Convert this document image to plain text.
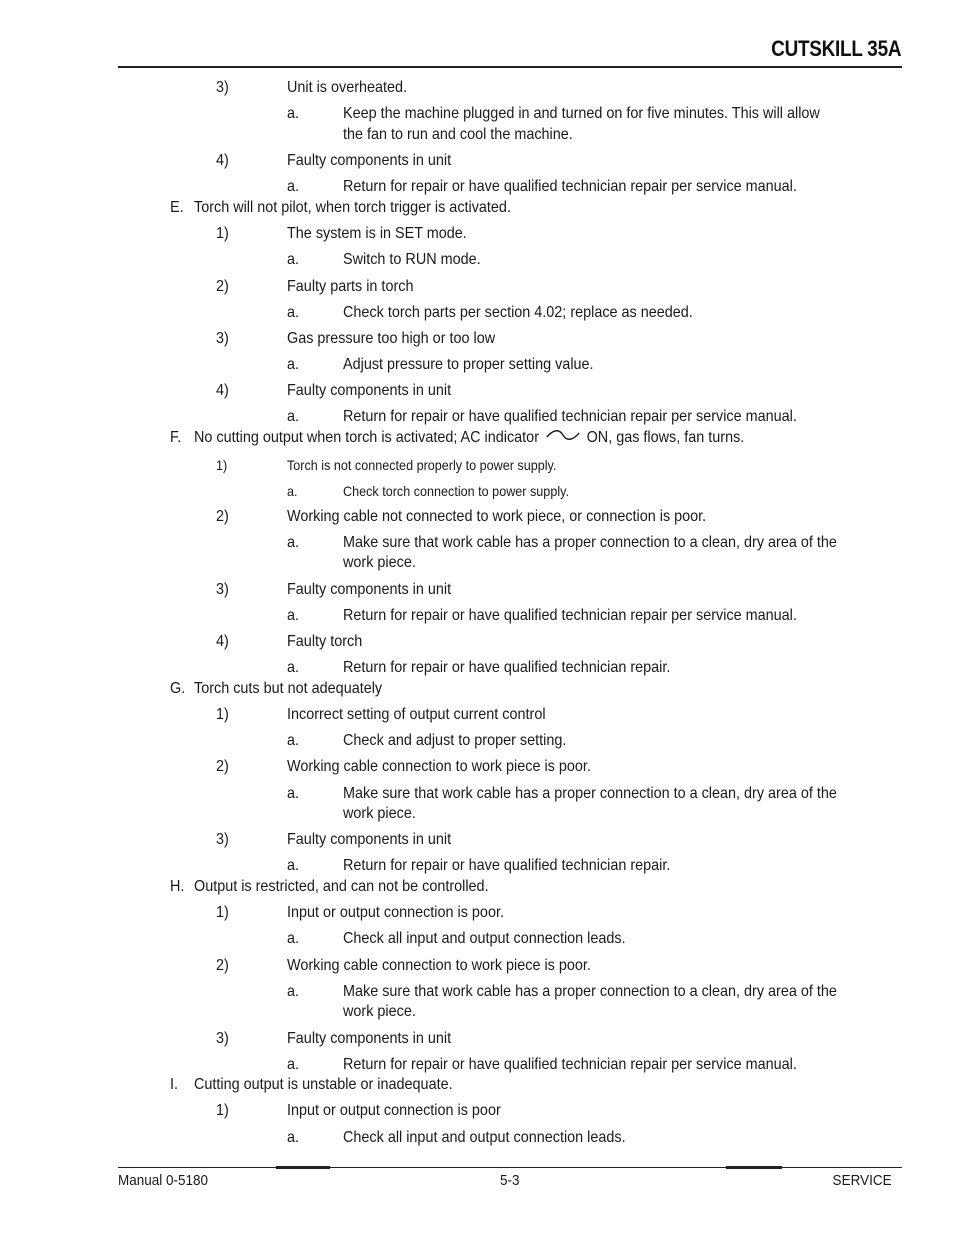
CUTSKILL 35A
3)	Unit is overheated.
a.	Keep the machine plugged in and turned on for five minutes. This will allow
the fan to run and cool the machine.
4)	Faulty components in unit
a.	Return for repair or have qualified technician repair per service manual.
E. Torch will not pilot, when torch trigger is activated.
1)	The system is in SET mode.
a.	Switch to RUN mode.
2)	Faulty parts in torch
a.	Check torch parts per section 4.02; replace as needed.
3)	Gas pressure too high or too low
a.	Adjust pressure to proper setting value.
4)	Faulty components in unit
a.	Return for repair or have qualified technician repair per service manual.
F. No cutting output when torch is activated; AC indicator	ON, gas flows, fan turns.
1)	Torch is not connected properly to power supply.
a.	Check torch connection to power supply.
2)	Working cable not connected to work piece, or connection is poor.
a.	Make sure that work cable has a proper connection to a clean, dry area of the
work piece.
3)	Faulty components in unit
a.	Return for repair or have qualified technician repair per service manual.
4)	Faulty torch
a.	Return for repair or have qualified technician repair.
G. Torch cuts but not adequately
1)	Incorrect setting of output current control
a.	Check and adjust to proper setting.
2)	Working cable connection to work piece is poor.
a.	Make sure that work cable has a proper connection to a clean, dry area of the
work piece.
3)	Faulty components in unit
a.	Return for repair or have qualified technician repair.
H. Output is restricted, and can not be controlled.
1)	Input or output connection is poor.
a.	Check all input and output connection leads.
2)	Working cable connection to work piece is poor.
a.	Make sure that work cable has a proper connection to a clean, dry area of the
work piece.
3)	Faulty components in unit
a.	Return for repair or have qualified technician repair per service manual.
I. Cutting output is unstable or inadequate.
1)	Input or output connection is poor
a.	Check all input and output connection leads.
Manual 0-5180	5-3	SERVICE
